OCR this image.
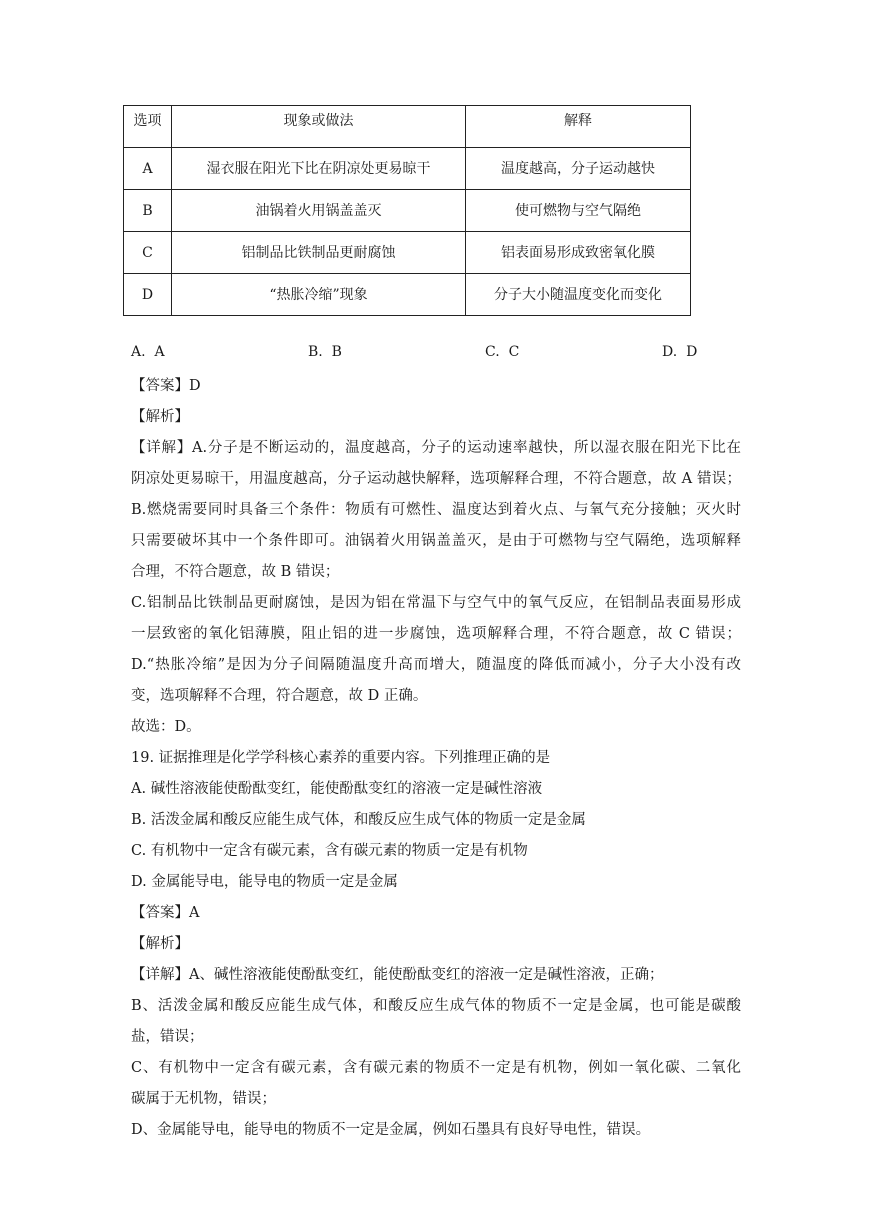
选项	现象或做法	解释
A	湿衣服在阳光下比在阴凉处更易晾干	温度越高，分子运动越快
B	油锅着火用锅盖盖灭	使可燃物与空气隔绝
C	铝制品比铁制品更耐腐蚀	铝表面易形成致密氧化膜
D	“热胀冷缩”现象	分子大小随温度变化而变化
A.  A	B.  B	C.  C	D.  D
【答案】D
【解析】
【详解】A.分子是不断运动的，温度越高，分子的运动速率越快，所以湿衣服在阳光下比在
阴凉处更易晾干，用温度越高，分子运动越快解释，选项解释合理，不符合题意，故 A 错误；
B.燃烧需要同时具备三个条件：物质有可燃性、温度达到着火点、与氧气充分接触；灭火时
只需要破坏其中一个条件即可。油锅着火用锅盖盖灭，是由于可燃物与空气隔绝，选项解释
合理，不符合题意，故 B 错误；
C.铝制品比铁制品更耐腐蚀，是因为铝在常温下与空气中的氧气反应，在铝制品表面易形成
一层致密的氧化铝薄膜，阻止铝的进一步腐蚀，选项解释合理，不符合题意，故 C 错误；
D.“热胀冷缩”是因为分子间隔随温度升高而增大，随温度的降低而减小，分子大小没有改
变，选项解释不合理，符合题意，故 D 正确。
故选：D。
19. 证据推理是化学学科核心素养的重要内容。下列推理正确的是
A. 碱性溶液能使酚酞变红，能使酚酞变红的溶液一定是碱性溶液
B. 活泼金属和酸反应能生成气体，和酸反应生成气体的物质一定是金属
C. 有机物中一定含有碳元素，含有碳元素的物质一定是有机物
D. 金属能导电，能导电的物质一定是金属
【答案】A
【解析】
【详解】A、碱性溶液能使酚酞变红，能使酚酞变红的溶液一定是碱性溶液，正确；
B、活泼金属和酸反应能生成气体，和酸反应生成气体的物质不一定是金属，也可能是碳酸
盐，错误；
C、有机物中一定含有碳元素，含有碳元素的物质不一定是有机物，例如一氧化碳、二氧化
碳属于无机物，错误；
D、金属能导电，能导电的物质不一定是金属，例如石墨具有良好导电性，错误。
